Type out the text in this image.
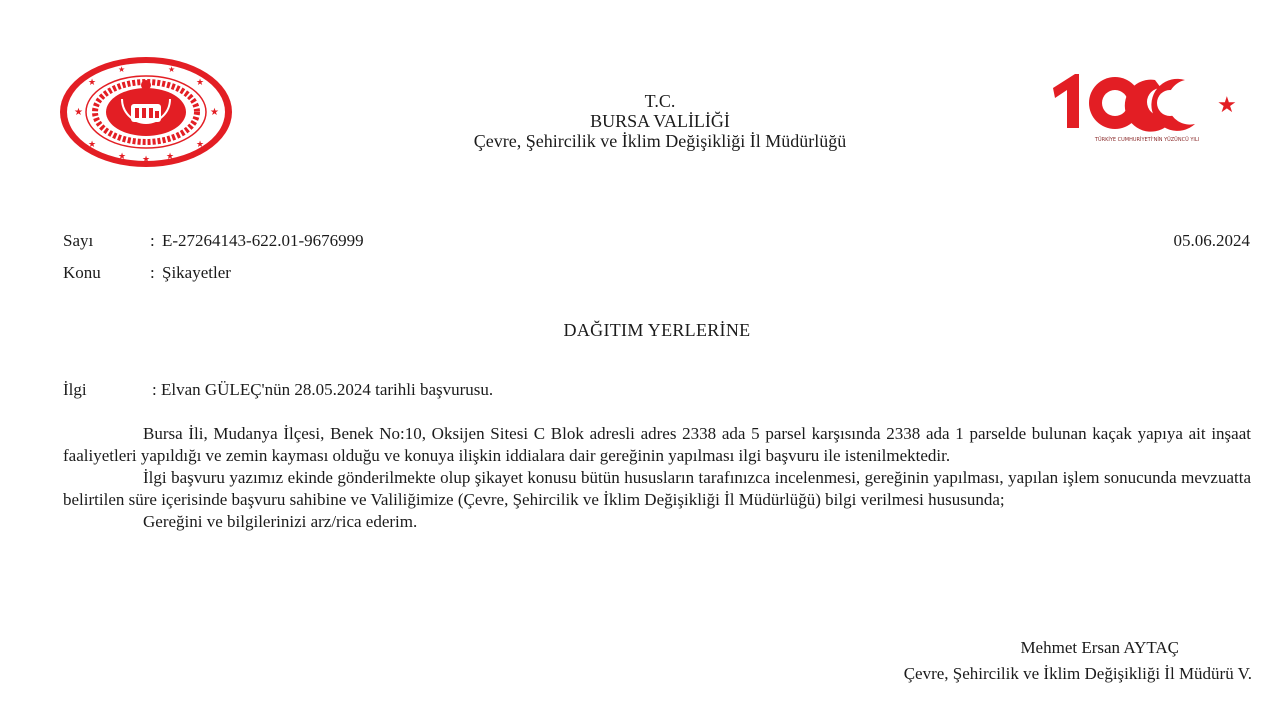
★	★
★	★
★	★
★ ★ ★
★	★
T.C.
BURSA VALİLİĞİ
Çevre, Şehircilik ve İklim Değişikliği İl Müdürlüğü
★
TÜRKİYE CUMHURİYETİ'NİN YÜZÜNCÜ YILI
Sayı	: E-27264143-622.01-9676999
Konu	: Şikayetler
05.06.2024
DAĞITIM YERLERİNE
İlgi	: Elvan GÜLEÇ'nün 28.05.2024 tarihli başvurusu.

Bursa İli, Mudanya İlçesi, Benek No:10, Oksijen Sitesi C Blok adresli adres 2338 ada 5 parsel karşısında 2338 ada 1 parselde bulunan kaçak yapıya ait inşaat faaliyetleri yapıldığı ve zemin kayması olduğu ve konuya ilişkin iddialara dair gereğinin yapılması ilgi başvuru ile istenilmektedir.

İlgi başvuru yazımız ekinde gönderilmekte olup şikayet konusu bütün hususların tarafınızca incelenmesi, gereğinin yapılması, yapılan işlem sonucunda mevzuatta belirtilen süre içerisinde başvuru sahibine ve Valiliğimize (Çevre, Şehircilik ve İklim Değişikliği İl Müdürlüğü) bilgi verilmesi hususunda;

Gereğini ve bilgilerinizi arz/rica ederim.

Mehmet Ersan AYTAÇ
Çevre, Şehircilik ve İklim Değişikliği İl Müdürü V.
